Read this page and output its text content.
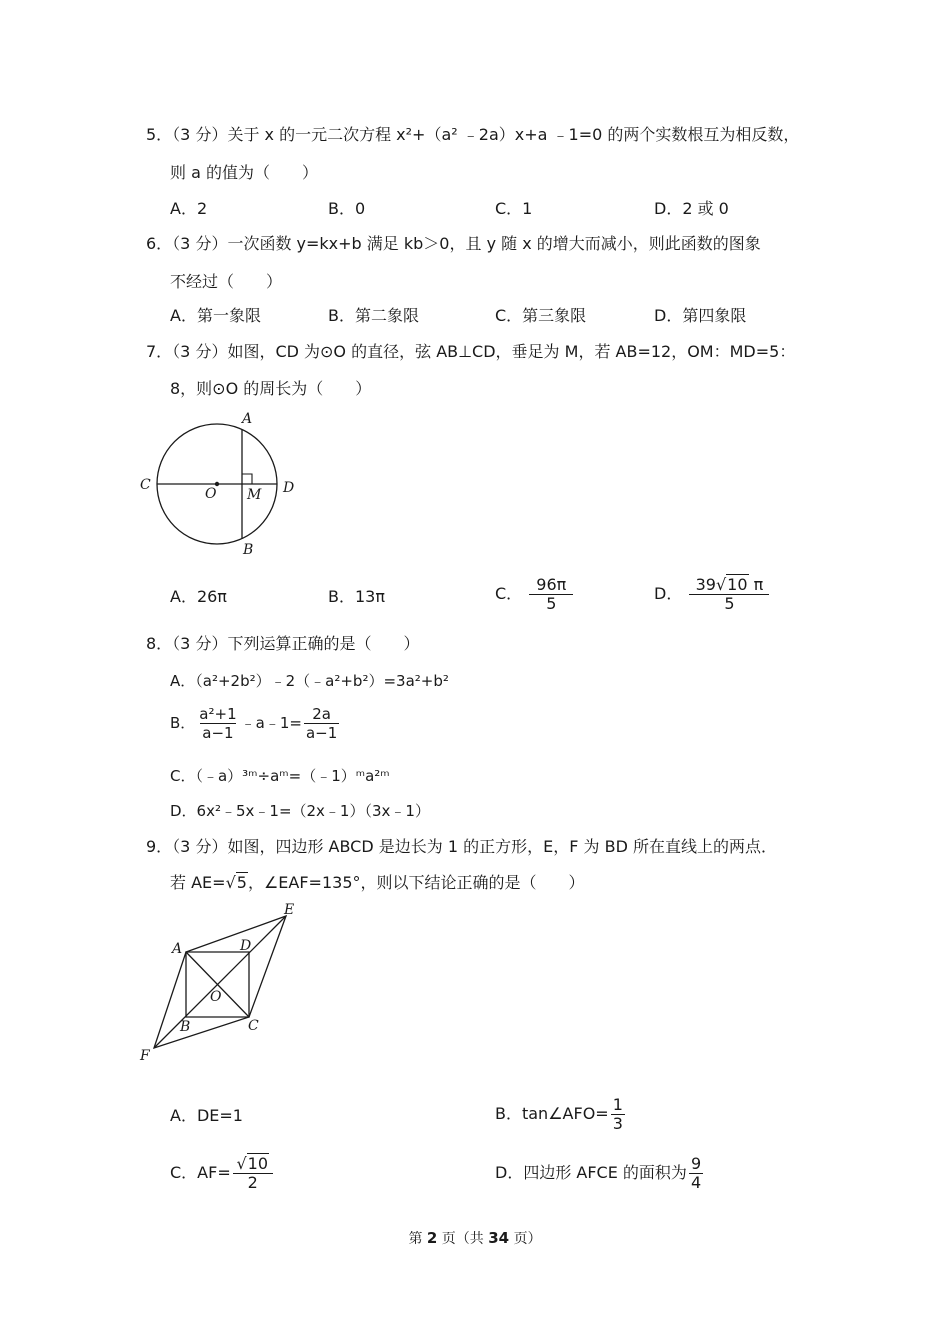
5．（3 分）关于 x 的一元二次方程 x²+（a² ﹣2a）x+a ﹣1=0 的两个实数根互为相反数，
则 a 的值为（　　）
A．2	B．0	C．1	D．2 或 0
6．（3 分）一次函数 y=kx+b 满足 kb＞0，且 y 随 x 的增大而减小，则此函数的图象
不经过（　　）
A．第一象限	B．第二象限	C．第三象限	D．第四象限
7．（3 分）如图，CD 为⊙O 的直径，弦 AB⊥CD，垂足为 M，若 AB=12，OM：MD=5：
8，则⊙O 的周长为（　　）
A
B
C	D
O M
A．26π	B．13π	C． $\frac{96\pi}{5}$	D． $\frac{39√10 \pi}{5}$
8．（3 分）下列运算正确的是（　　）
A．（a²+2b²）﹣2（﹣a²+b²）=3a²+b²
B． $\frac{\text{a²+1}}{a-1}$ ﹣a﹣1= $\frac{2a}{a-1}$
C．（﹣a）³ᵐ÷aᵐ=（﹣1）ᵐa²ᵐ
D．6x²﹣5x﹣1=（2x﹣1）（3x﹣1）
9．（3 分）如图，四边形 ABCD 是边长为 1 的正方形，E，F 为 BD 所在直线上的两点．
若 AE=√5，∠EAF=135°，则以下结论正确的是（　　）
A	D
E
O
B	C
F
A．DE=1	B．tan∠AFO= $\frac{1}{3}$
C．$AF= \frac{√10}{2}$	D．四边形 AFCE 的面积为 $\frac{9}{4}$
第 2 页（共 34 页）
